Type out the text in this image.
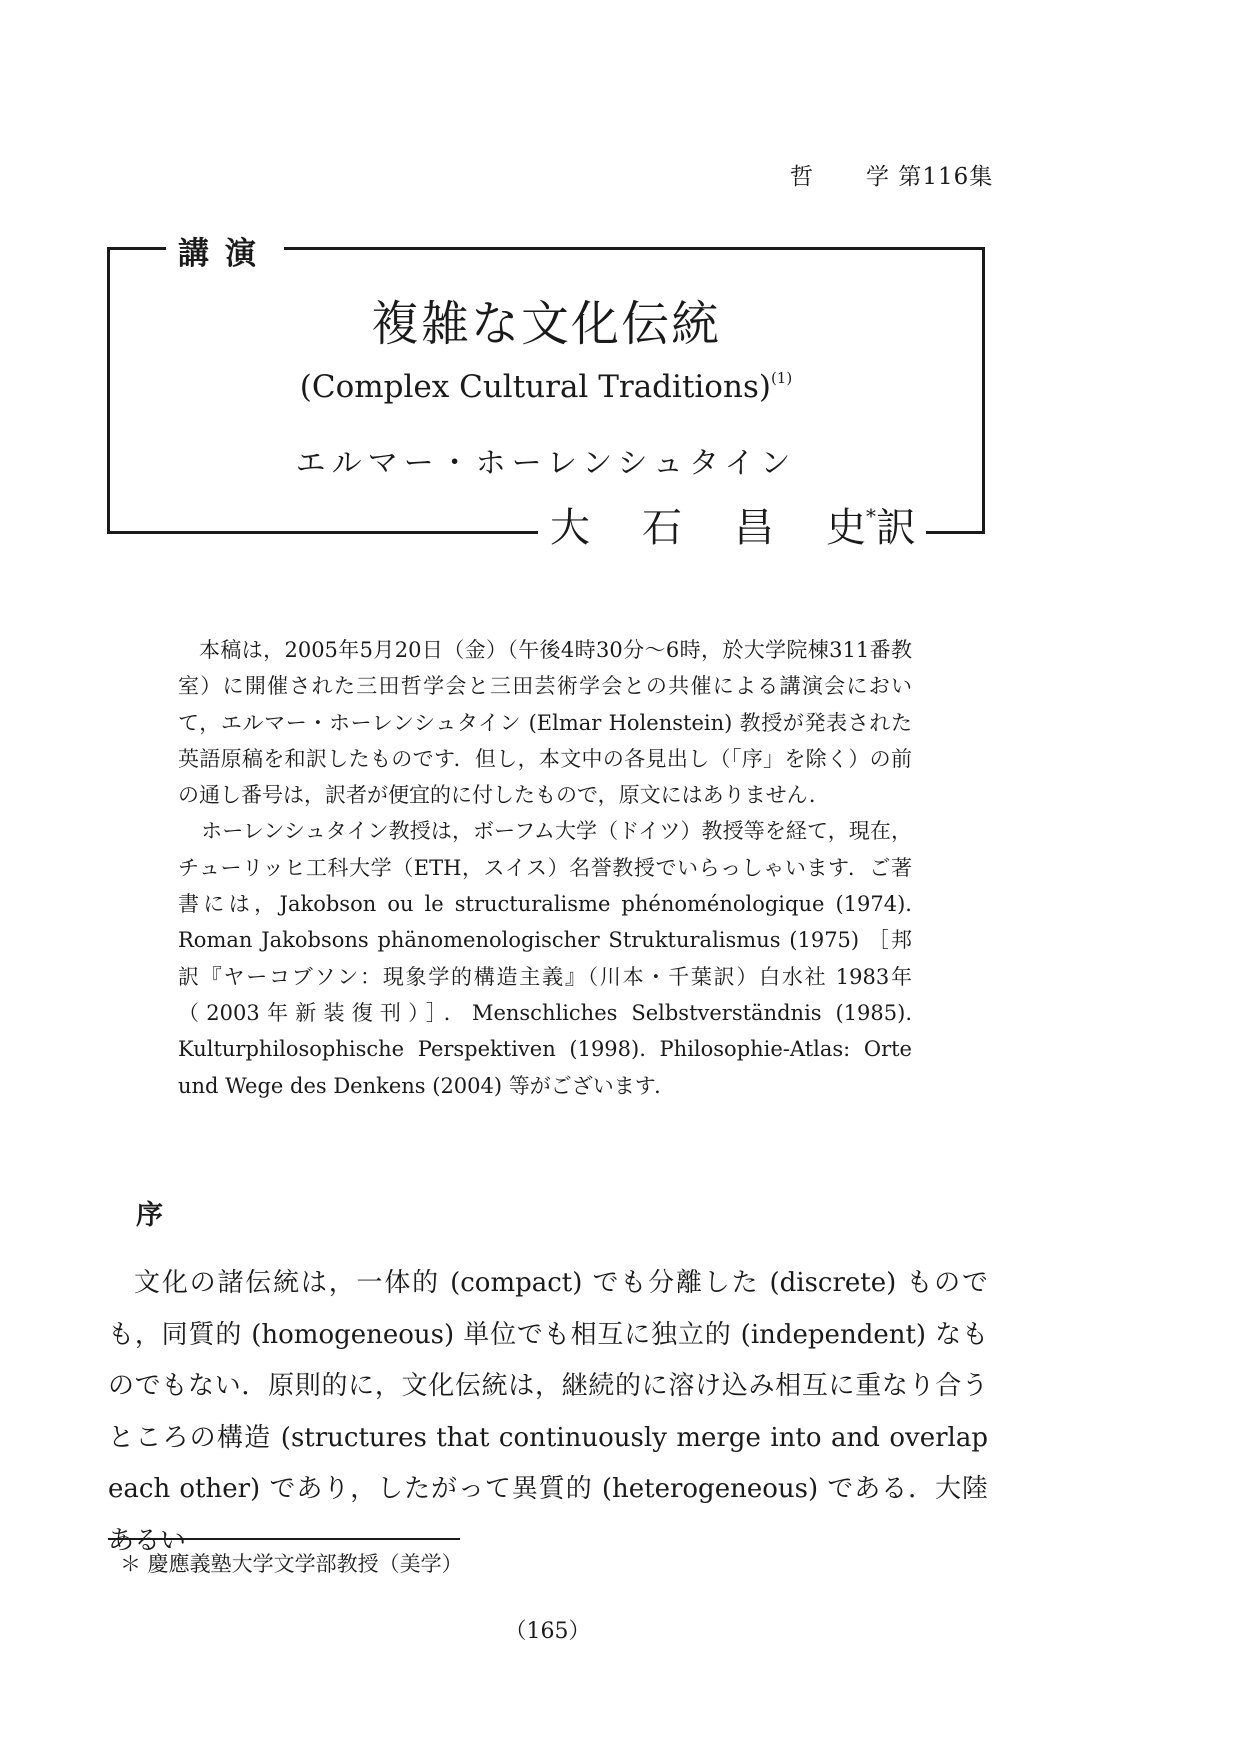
哲 学 第116集
講演
複雑な文化伝統
(Complex Cultural Traditions)$^{(1)}$
エルマー・ホーレンシュタイン
大 石 昌 史*訳

本稿は，2005年5月20日（金）（午後4時30分～6時，於大学院棟311番教室）に開催された三田哲学会と三田芸術学会との共催による講演会において，エルマー・ホーレンシュタイン (Elmar Holenstein) 教授が発表された英語原稿を和訳したものです．但し，本文中の各見出し（「序」を除く）の前の通し番号は，訳者が便宜的に付したもので，原文にはありません．

ホーレンシュタイン教授は，ボーフム大学（ドイツ）教授等を経て，現在，チューリッヒ工科大学（ETH，スイス）名誉教授でいらっしゃいます．ご著書には，Jakobson ou le structuralisme phénoménologique (1974). Roman Jakobsons phänomenologischer Strukturalismus (1975) ［邦訳『ヤーコブソン：現象学的構造主義』（川本・千葉訳）白水社 1983年（2003年新装復刊）］．Menschliches Selbstverständnis (1985). Kulturphilosophische Perspektiven (1998). Philosophie-Atlas: Orte und Wege des Denkens (2004) 等がございます．

序

文化の諸伝統は，一体的 (compact) でも分離した (discrete) ものでも，同質的 (homogeneous) 単位でも相互に独立的 (independent) なものでもない．原則的に，文化伝統は，継続的に溶け込み相互に重なり合うところの構造 (structures that continuously merge into and overlap each other) であり，したがって異質的 (heterogeneous) である．大陸あるい

＊ 慶應義塾大学文学部教授（美学）
（165）
